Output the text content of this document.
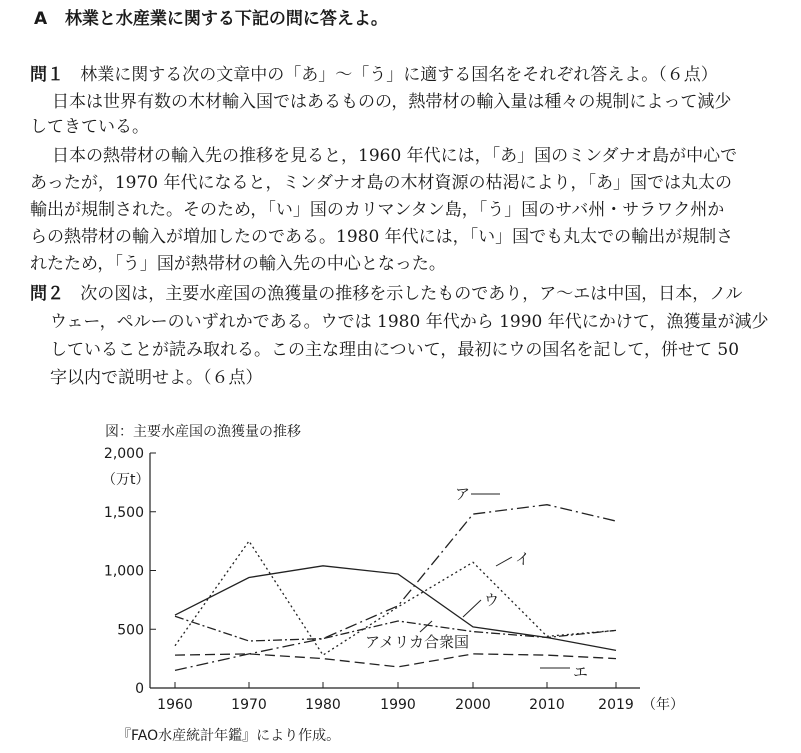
A 林業と水産業に関する下記の問に答えよ。
問１ 林業に関する次の文章中の「あ」〜「う」に適する国名をそれぞれ答えよ。（６点）
日本は世界有数の木材輸入国ではあるものの，熱帯材の輸入量は種々の規制によって減少
してきている。
日本の熱帯材の輸入先の推移を見ると，1960 年代には，「あ」国のミンダナオ島が中心で
あったが，1970 年代になると，ミンダナオ島の木材資源の枯渇により，「あ」国では丸太の
輸出が規制された。そのため，「い」国のカリマンタン島，「う」国のサバ州・サラワク州か
らの熱帯材の輸入が増加したのである。1980 年代には，「い」国でも丸太での輸出が規制さ
れたため，「う」国が熱帯材の輸入先の中心となった。
問２ 次の図は，主要水産国の漁獲量の推移を示したものであり，ア〜エは中国，日本，ノル
ウェー，ペルーのいずれかである。ウでは 1980 年代から 1990 年代にかけて，漁獲量が減少
していることが読み取れる。この主な理由について，最初にウの国名を記して，併せて 50
字以内で説明せよ。（６点）
図：主要水産国の漁獲量の推移
（万t）
（年）
『FAO水産統計年鑑』により作成。
0
500
1,000
1,500
2,000
1960	1970	1980	1990	2000	2010 2019
ア
イ
ウ
アメリカ合衆国
エ
